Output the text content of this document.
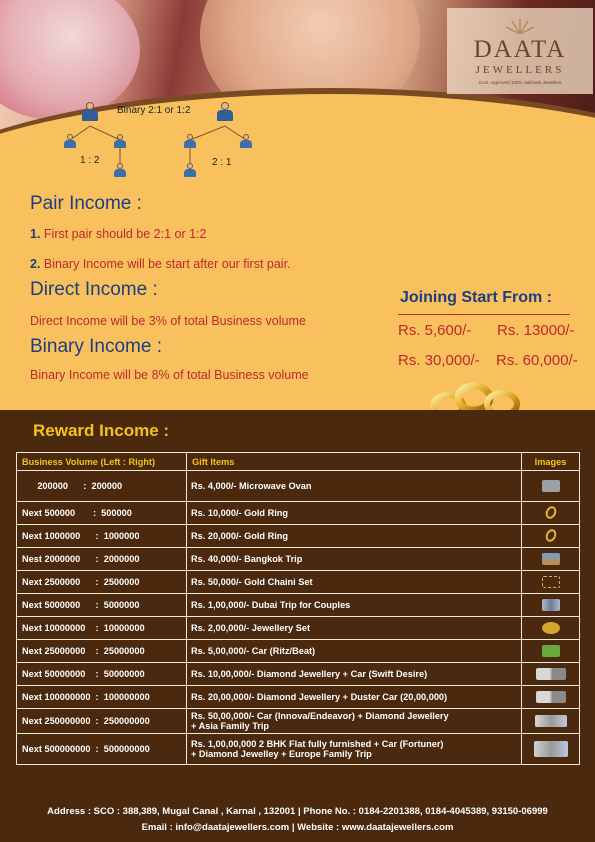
DAATA
JEWELLERS
Govt. Approved 100% Hallmark Jewellers
Binary 2:1 or 1:2
1 : 2	2 : 1
Pair Income :
1. First pair should be 2:1 or 1:2
2. Binary Income will be start after our first pair.
Direct Income :
Direct Income will be 3% of total Business volume
Binary Income :
Binary Income will be 8% of total Business volume
Joining Start From :
Rs. 5,600/- Rs. 13000/-
Rs. 30,000/- Rs. 60,000/-
Reward Income :
Business Volume (Left : Right)	Gift Items	Images
200000      :  200000	Rs. 4,000/- Microwave Ovan	
Next 500000       :  500000	Rs. 10,000/- Gold Ring	
Next 1000000      :  1000000	Rs. 20,000/- Gold Ring	
Nest 2000000      :  2000000	Rs. 40,000/- Bangkok Trip	
Next 2500000      :  2500000	Rs. 50,000/- Gold Chaini Set	
Next 5000000      :  5000000	Rs. 1,00,000/- Dubai Trip for Couples	
Next 10000000    :  10000000	Rs. 2,00,000/- Jewellery Set	
Next 25000000    :  25000000	Rs. 5,00,000/- Car (Ritz/Beat)	
Next 50000000    :  50000000	Rs. 10,00,000/- Diamond Jewellery + Car (Swift Desire)	
Next 100000000  :  100000000	Rs. 20,00,000/- Diamond Jewellery + Duster Car (20,00,000)	
Next 250000000  :  250000000	Rs. 50,00,000/- Car (Innova/Endeavor) + Diamond Jewellery
+ Asia Family Trip	
Next 500000000  :  500000000	Rs. 1,00,00,000 2 BHK Flat fully furnished + Car (Fortuner)
+ Diamond Jewelley + Europe Family Trip	
Address : SCO : 388,389, Mugal Canal , Karnal , 132001 | Phone No. : 0184-2201388, 0184-4045389, 93150-06999
Email : info@daatajewellers.com | Website : www.daatajewellers.com
